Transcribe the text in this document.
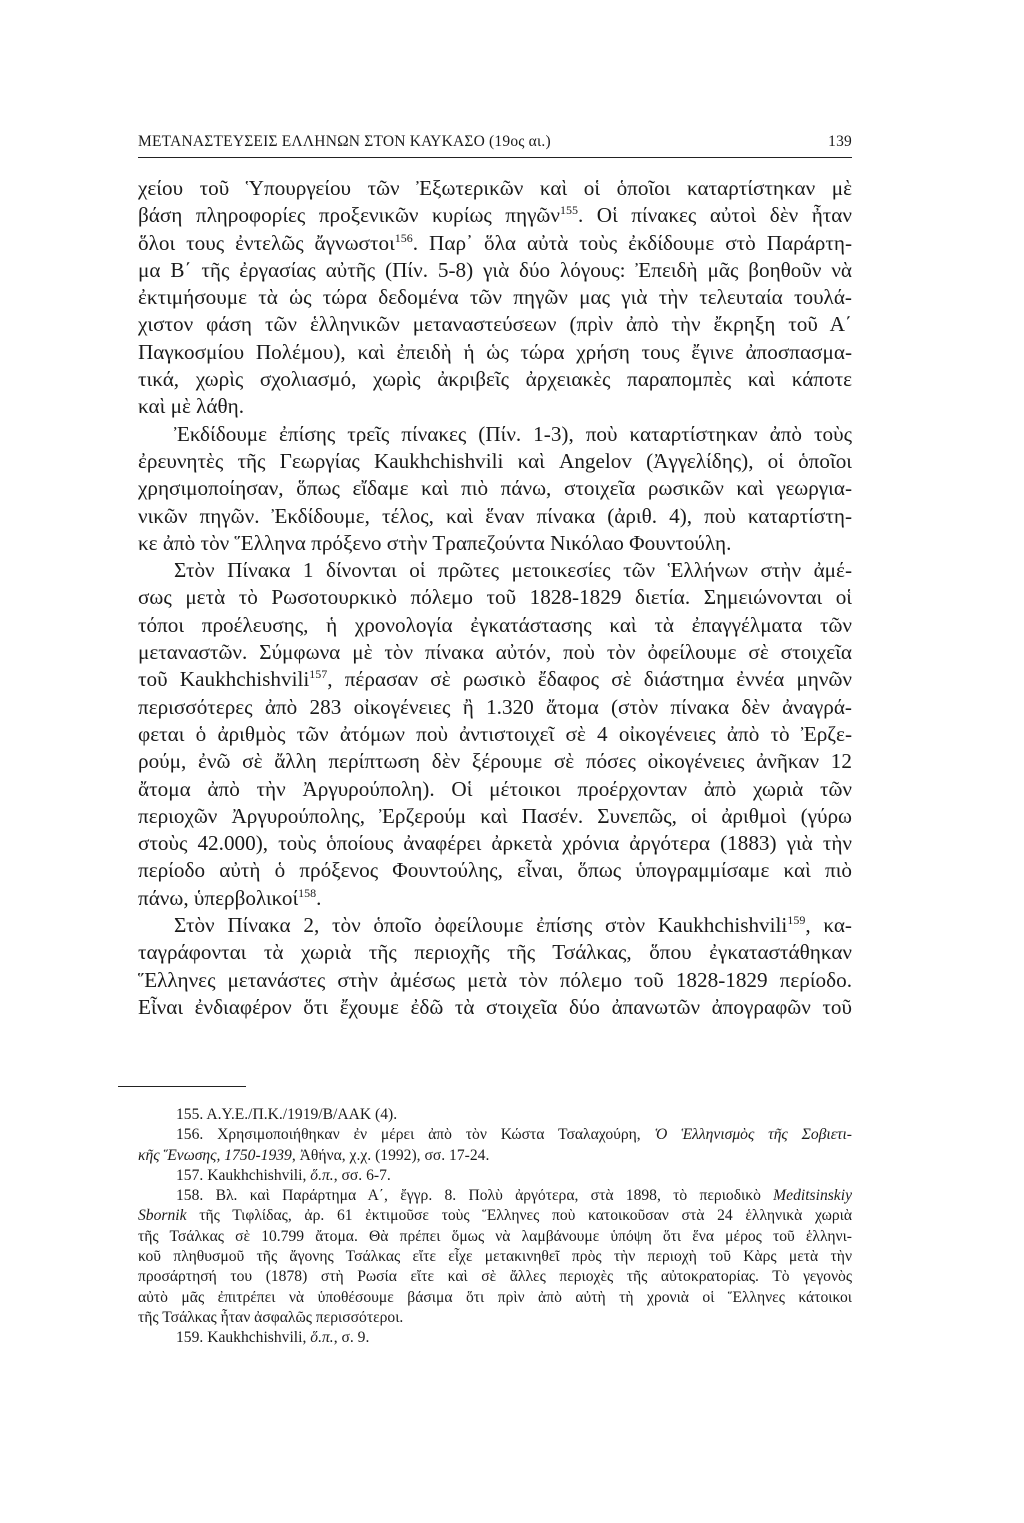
ΜΕΤΑΝΑΣΤΕΥΣΕΙΣ ΕΛΛΗΝΩΝ ΣΤΟΝ ΚΑΥΚΑΣΟ (19ος αι.)	139
χείου τοῦ Ὑπουργείου τῶν Ἐξωτερικῶν καὶ οἱ ὁποῖοι καταρτίστηκαν μὲ
βάση πληροφορίες προξενικῶν κυρίως πηγῶν$^{155}$. Οἱ πίνακες αὐτοὶ δὲν ἦταν
ὅλοι τους ἐντελῶς ἄγνωστοι$^{156}$. Παρ᾽ ὅλα αὐτὰ τοὺς ἐκδίδουμε στὸ Παράρτη-
μα Β΄ τῆς ἐργασίας αὐτῆς (Πίν. 5-8) γιὰ δύο λόγους: Ἐπειδὴ μᾶς βοηθοῦν νὰ
ἐκτιμήσουμε τὰ ὡς τώρα δεδομένα τῶν πηγῶν μας γιὰ τὴν τελευταία τουλά-
χιστον φάση τῶν ἑλληνικῶν μεταναστεύσεων (πρὶν ἀπὸ τὴν ἔκρηξη τοῦ Α΄
Παγκοσμίου Πολέμου), καὶ ἐπειδὴ ἡ ὡς τώρα χρήση τους ἔγινε ἀποσπασμα-
τικά, χωρὶς σχολιασμό, χωρὶς ἀκριβεῖς ἀρχειακὲς παραπομπὲς καὶ κάποτε
καὶ μὲ λάθη.
Ἐκδίδουμε ἐπίσης τρεῖς πίνακες (Πίν. 1-3), ποὺ καταρτίστηκαν ἀπὸ τοὺς
ἐρευνητὲς τῆς Γεωργίας Kaukhchishvili καὶ Angelov (Ἀγγελίδης), οἱ ὁποῖοι
χρησιμοποίησαν, ὅπως εἴδαμε καὶ πιὸ πάνω, στοιχεῖα ρωσικῶν καὶ γεωργια-
νικῶν πηγῶν. Ἐκδίδουμε, τέλος, καὶ ἕναν πίνακα (ἀριθ. 4), ποὺ καταρτίστη-
κε ἀπὸ τὸν Ἕλληνα πρόξενο στὴν Τραπεζούντα Νικόλαο Φουντούλη.
Στὸν Πίνακα 1 δίνονται οἱ πρῶτες μετοικεσίες τῶν Ἑλλήνων στὴν ἀμέ-
σως μετὰ τὸ Ρωσοτουρκικὸ πόλεμο τοῦ 1828-1829 διετία. Σημειώνονται οἱ
τόποι προέλευσης, ἡ χρονολογία ἐγκατάστασης καὶ τὰ ἐπαγγέλματα τῶν
μεταναστῶν. Σύμφωνα μὲ τὸν πίνακα αὐτόν, ποὺ τὸν ὀφείλουμε σὲ στοιχεῖα
τοῦ Kaukhchishvili$^{157}$, πέρασαν σὲ ρωσικὸ ἔδαφος σὲ διάστημα ἐννέα μηνῶν
περισσότερες ἀπὸ 283 οἰκογένειες ἢ 1.320 ἄτομα (στὸν πίνακα δὲν ἀναγρά-
φεται ὁ ἀριθμὸς τῶν ἀτόμων ποὺ ἀντιστοιχεῖ σὲ 4 οἰκογένειες ἀπὸ τὸ Ἐρζε-
ρούμ, ἐνῶ σὲ ἄλλη περίπτωση δὲν ξέρουμε σὲ πόσες οἰκογένειες ἀνῆκαν 12
ἄτομα ἀπὸ τὴν Ἀργυρούπολη). Οἱ μέτοικοι προέρχονταν ἀπὸ χωριὰ τῶν
περιοχῶν Ἀργυρούπολης, Ἐρζερούμ καὶ Πασέν. Συνεπῶς, οἱ ἀριθμοὶ (γύρω
στοὺς 42.000), τοὺς ὁποίους ἀναφέρει ἀρκετὰ χρόνια ἀργότερα (1883) γιὰ τὴν
περίοδο αὐτὴ ὁ πρόξενος Φουντούλης, εἶναι, ὅπως ὑπογραμμίσαμε καὶ πιὸ
πάνω, ὑπερβολικοί$^{158}$.
Στὸν Πίνακα 2, τὸν ὁποῖο ὀφείλουμε ἐπίσης στὸν Kaukhchishvili$^{159}$, κα-
ταγράφονται τὰ χωριὰ τῆς περιοχῆς τῆς Τσάλκας, ὅπου ἐγκαταστάθηκαν
Ἕλληνες μετανάστες στὴν ἀμέσως μετὰ τὸν πόλεμο τοῦ 1828-1829 περίοδο.
Εἶναι ἐνδιαφέρον ὅτι ἔχουμε ἐδῶ τὰ στοιχεῖα δύο ἀπανωτῶν ἀπογραφῶν τοῦ
155. Α.Υ.Ε./Π.Κ./1919/Β/ΑΑΚ (4).
156. Χρησιμοποιήθηκαν ἐν μέρει ἀπὸ τὸν Κώστα Τσαλαχούρη, Ὁ Ἑλληνισμὸς τῆς Σοβιετι-
κῆς Ἕνωσης, 1750-1939, Ἀθήνα, χ.χ. (1992), σσ. 17-24.
157. Kaukhchishvili, ὅ.π., σσ. 6-7.
158. Βλ. καὶ Παράρτημα Α΄, ἔγγρ. 8. Πολὺ ἀργότερα, στὰ 1898, τὸ περιοδικὸ Meditsinskiy
Sbornik τῆς Τιφλίδας, ἀρ. 61 ἐκτιμοῦσε τοὺς Ἕλληνες ποὺ κατοικοῦσαν στὰ 24 ἑλληνικὰ χωριὰ
τῆς Τσάλκας σὲ 10.799 ἄτομα. Θὰ πρέπει ὅμως νὰ λαμβάνουμε ὑπόψη ὅτι ἕνα μέρος τοῦ ἑλληνι-
κοῦ πληθυσμοῦ τῆς ἄγονης Τσάλκας εἴτε εἶχε μετακινηθεῖ πρὸς τὴν περιοχὴ τοῦ Κὰρς μετὰ τὴν
προσάρτησή του (1878) στὴ Ρωσία εἴτε καὶ σὲ ἄλλες περιοχὲς τῆς αὐτοκρατορίας. Τὸ γεγονὸς
αὐτὸ μᾶς ἐπιτρέπει νὰ ὑποθέσουμε βάσιμα ὅτι πρὶν ἀπὸ αὐτὴ τὴ χρονιὰ οἱ Ἕλληνες κάτοικοι
τῆς Τσάλκας ἦταν ἀσφαλῶς περισσότεροι.
159. Kaukhchishvili, ὅ.π., σ. 9.
